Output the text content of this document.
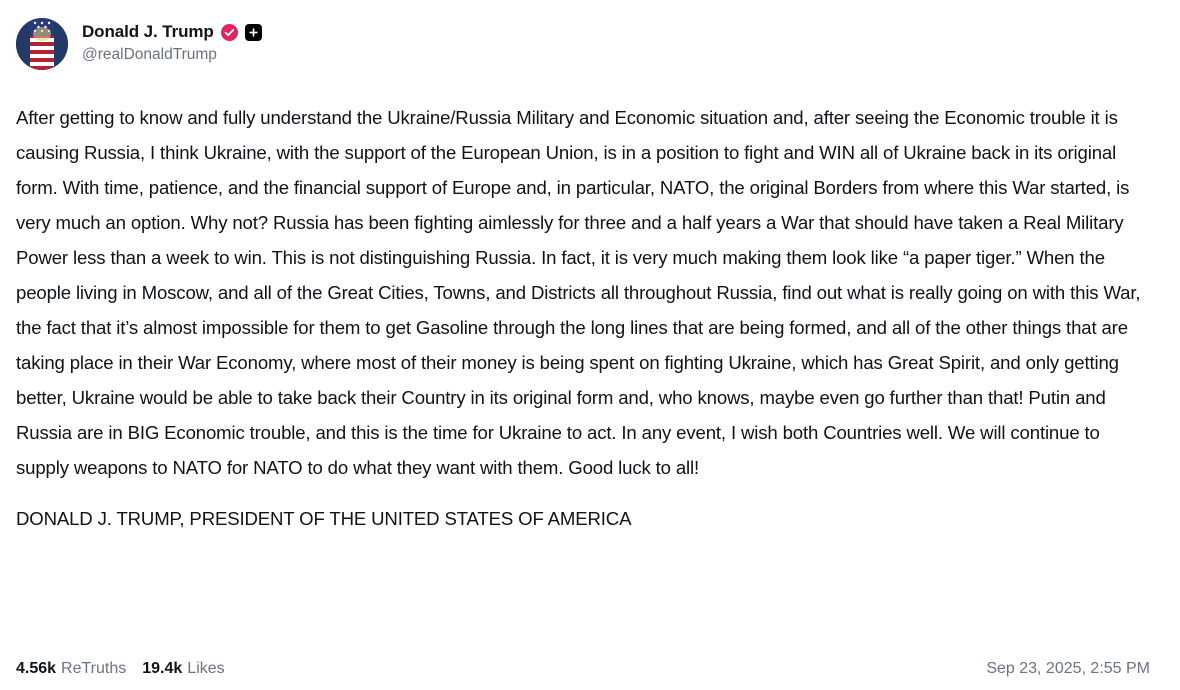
Donald J. Trump
@realDonaldTrump
After getting to know and fully understand the Ukraine/Russia Military and Economic situation and, after seeing the Economic trouble it is causing Russia, I think Ukraine, with the support of the European Union, is in a position to fight and WIN all of Ukraine back in its original form. With time, patience, and the financial support of Europe and, in particular, NATO, the original Borders from where this War started, is very much an option. Why not? Russia has been fighting aimlessly for three and a half years a War that should have taken a Real Military Power less than a week to win. This is not distinguishing Russia. In fact, it is very much making them look like “a paper tiger.” When the people living in Moscow, and all of the Great Cities, Towns, and Districts all throughout Russia, find out what is really going on with this War, the fact that it’s almost impossible for them to get Gasoline through the long lines that are being formed, and all of the other things that are taking place in their War Economy, where most of their money is being spent on fighting Ukraine, which has Great Spirit, and only getting better, Ukraine would be able to take back their Country in its original form and, who knows, maybe even go further than that! Putin and Russia are in BIG Economic trouble, and this is the time for Ukraine to act. In any event, I wish both Countries well. We will continue to supply weapons to NATO for NATO to do what they want with them. Good luck to all!
DONALD J. TRUMP, PRESIDENT OF THE UNITED STATES OF AMERICA
4.56k ReTruths 19.4k Likes	Sep 23, 2025, 2:55 PM
